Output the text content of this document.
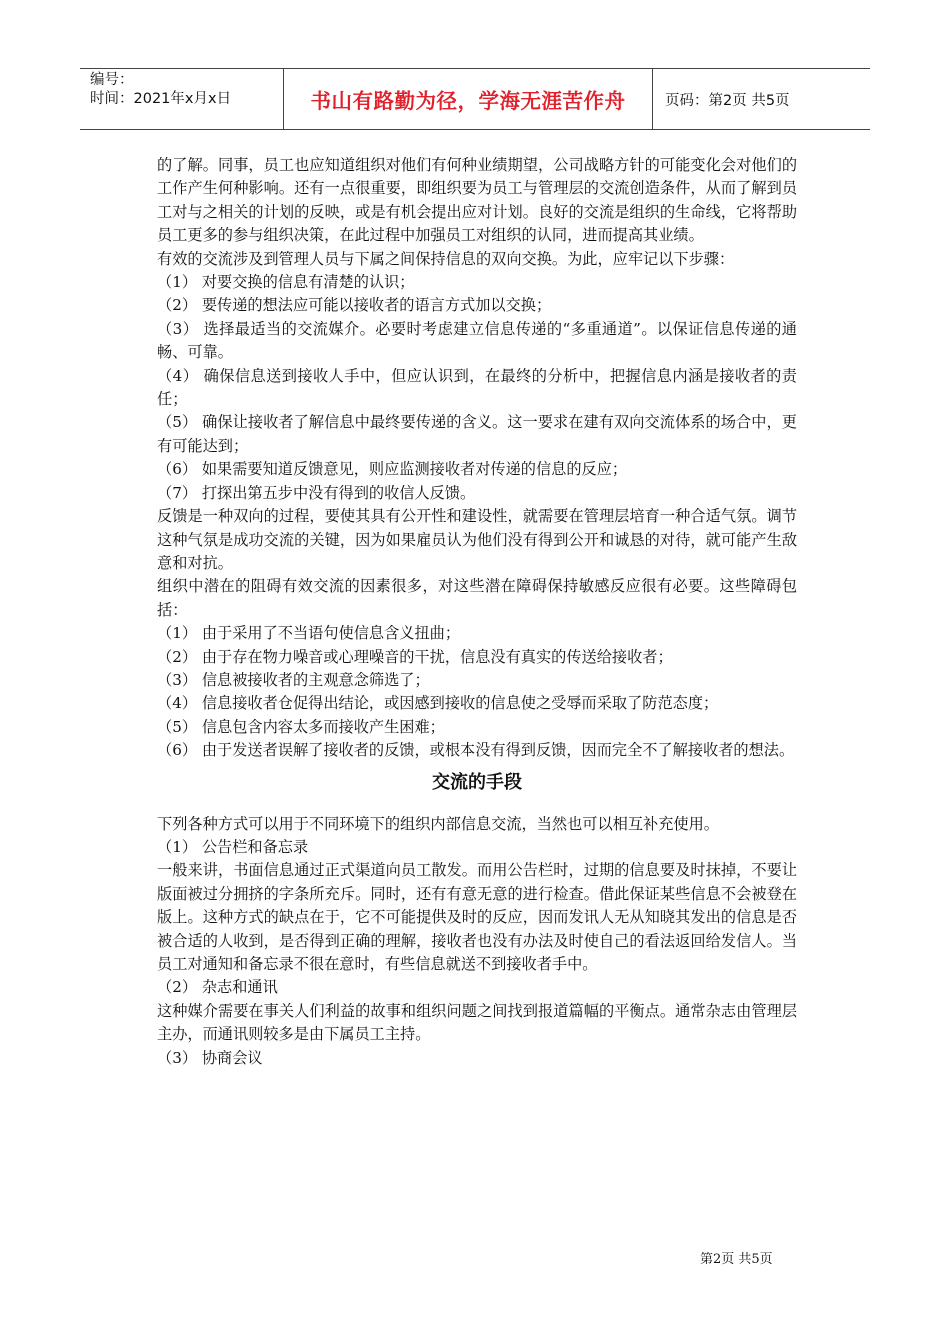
编号：
时间：2021年x月x日	书山有路勤为径，学海无涯苦作舟	页码：第2页 共5页

的了解。同事，员工也应知道组织对他们有何种业绩期望，公司战略方针的可能变化会对他们的工作产生何种影响。还有一点很重要，即组织要为员工与管理层的交流创造条件，从而了解到员工对与之相关的计划的反映，或是有机会提出应对计划。良好的交流是组织的生命线，它将帮助员工更多的参与组织决策，在此过程中加强员工对组织的认同，进而提高其业绩。

有效的交流涉及到管理人员与下属之间保持信息的双向交换。为此，应牢记以下步骤：

（1） 对要交换的信息有清楚的认识；

（2） 要传递的想法应可能以接收者的语言方式加以交换；

（3） 选择最适当的交流媒介。必要时考虑建立信息传递的“多重通道”。以保证信息传递的通畅、可靠。

（4） 确保信息送到接收人手中，但应认识到，在最终的分析中，把握信息内涵是接收者的责任；

（5） 确保让接收者了解信息中最终要传递的含义。这一要求在建有双向交流体系的场合中，更有可能达到；

（6） 如果需要知道反馈意见，则应监测接收者对传递的信息的反应；

（7） 打探出第五步中没有得到的收信人反馈。

反馈是一种双向的过程，要使其具有公开性和建设性，就需要在管理层培育一种合适气氛。调节这种气氛是成功交流的关键，因为如果雇员认为他们没有得到公开和诚恳的对待，就可能产生敌意和对抗。

组织中潜在的阻碍有效交流的因素很多，对这些潜在障碍保持敏感反应很有必要。这些障碍包括：

（1） 由于采用了不当语句使信息含义扭曲；

（2） 由于存在物力噪音或心理噪音的干扰，信息没有真实的传送给接收者；

（3） 信息被接收者的主观意念筛选了；

（4） 信息接收者仓促得出结论，或因感到接收的信息使之受辱而采取了防范态度；

（5） 信息包含内容太多而接收产生困难；

（6） 由于发送者误解了接收者的反馈，或根本没有得到反馈，因而完全不了解接收者的想法。

交流的手段

下列各种方式可以用于不同环境下的组织内部信息交流，当然也可以相互补充使用。

（1） 公告栏和备忘录

一般来讲，书面信息通过正式渠道向员工散发。而用公告栏时，过期的信息要及时抹掉，不要让版面被过分拥挤的字条所充斥。同时，还有有意无意的进行检查。借此保证某些信息不会被登在版上。这种方式的缺点在于，它不可能提供及时的反应，因而发讯人无从知晓其发出的信息是否被合适的人收到，是否得到正确的理解，接收者也没有办法及时使自己的看法返回给发信人。当员工对通知和备忘录不很在意时，有些信息就送不到接收者手中。

（2） 杂志和通讯

这种媒介需要在事关人们利益的故事和组织问题之间找到报道篇幅的平衡点。通常杂志由管理层主办，而通讯则较多是由下属员工主持。

（3） 协商会议

第2页 共5页
